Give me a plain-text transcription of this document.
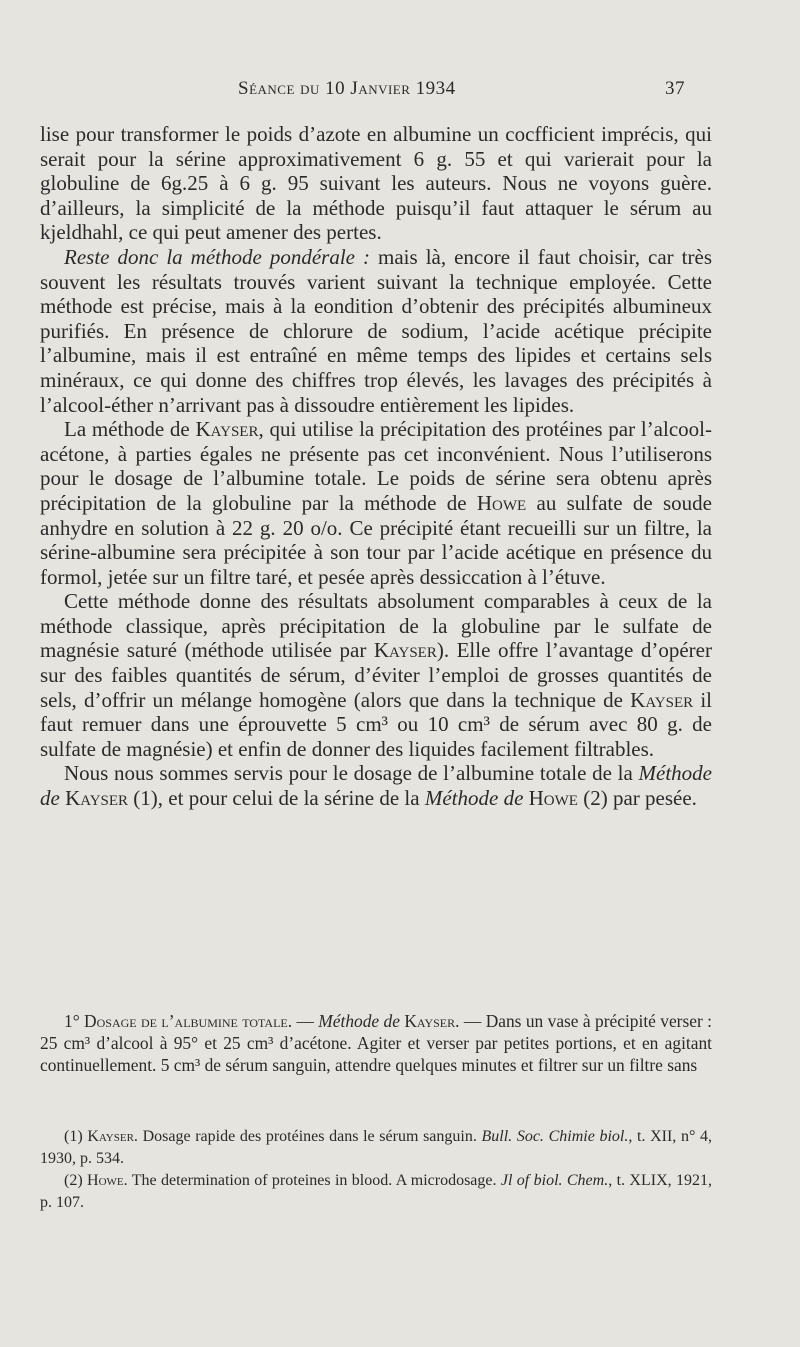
Séance du 10 Janvier 1934	37

lise pour transformer le poids d’azote en albumine un cocfficient imprécis, qui serait pour la sérine approximativement 6 g. 55 et qui varierait pour la globuline de 6g.25 à 6 g. 95 suivant les auteurs. Nous ne voyons guère. d’ailleurs, la simplicité de la méthode puisqu’il faut attaquer le sérum au kjeldhahl, ce qui peut amener des pertes.

Reste donc la méthode pondérale : mais là, encore il faut choisir, car très souvent les résultats trouvés varient suivant la technique employée. Cette méthode est précise, mais à la eondition d’obtenir des précipités albumineux purifiés. En présence de chlorure de sodium, l’acide acétique précipite l’albumine, mais il est entraîné en même temps des lipides et certains sels minéraux, ce qui donne des chiffres trop élevés, les lavages des précipités à l’alcool-éther n’arrivant pas à dissoudre entièrement les lipides.

La méthode de Kayser, qui utilise la précipitation des protéines par l’alcool-acétone, à parties égales ne présente pas cet inconvénient. Nous l’utiliserons pour le dosage de l’albumine totale. Le poids de sérine sera obtenu après précipitation de la globuline par la méthode de Howe au sulfate de soude anhydre en solution à 22 g. 20 o/o. Ce précipité étant recueilli sur un filtre, la sérine-albumine sera précipitée à son tour par l’acide acétique en présence du formol, jetée sur un filtre taré, et pesée après dessiccation à l’étuve.

Cette méthode donne des résultats absolument comparables à ceux de la méthode classique, après précipitation de la globuline par le sulfate de magnésie saturé (méthode utilisée par Kayser). Elle offre l’avantage d’opérer sur des faibles quantités de sérum, d’éviter l’emploi de grosses quantités de sels, d’offrir un mélange homogène (alors que dans la technique de Kayser il faut remuer dans une éprouvette 5 cm³ ou 10 cm³ de sérum avec 80 g. de sulfate de magnésie) et enfin de donner des liquides facilement filtrables.

Nous nous sommes servis pour le dosage de l’albumine totale de la Méthode de Kayser (1), et pour celui de la sérine de la Méthode de Howe (2) par pesée.

1° Dosage de l’albumine totale. — Méthode de Kayser. — Dans un vase à précipité verser : 25 cm³ d’alcool à 95° et 25 cm³ d’acétone. Agiter et verser par petites portions, et en agitant continuellement. 5 cm³ de sérum sanguin, attendre quelques minutes et filtrer sur un filtre sans

(1) Kayser. Dosage rapide des protéines dans le sérum sanguin. Bull. Soc. Chimie biol., t. XII, n° 4, 1930, p. 534.

(2) Howe. The determination of proteines in blood. A microdosage. Jl of biol. Chem., t. XLIX, 1921, p. 107.
